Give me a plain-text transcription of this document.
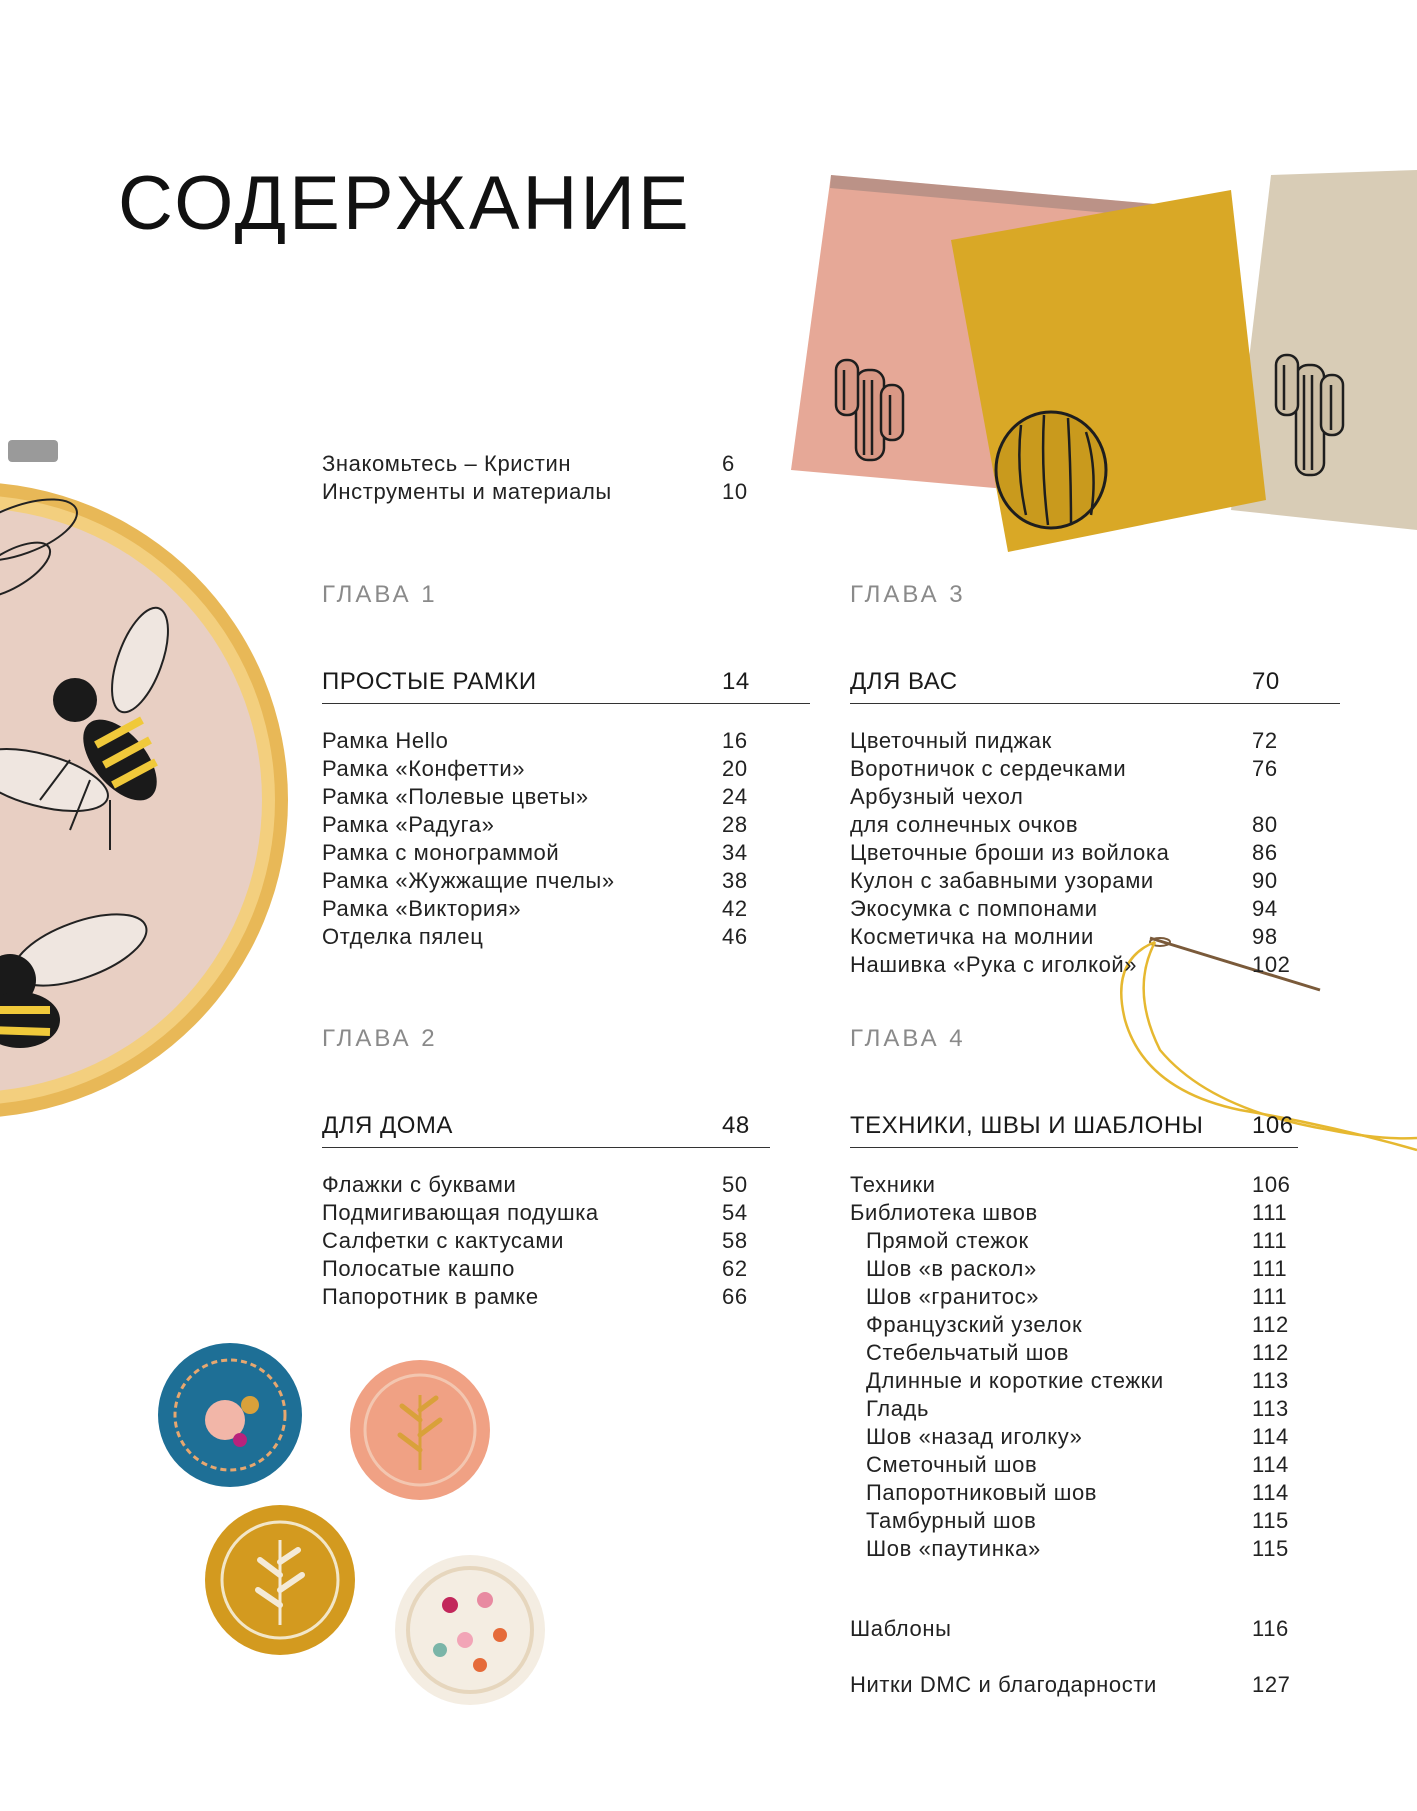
СОДЕРЖАНИЕ
Знакомьтесь – Кристин	6
Инструменты и материалы	10
ГЛАВА 1
ПРОСТЫЕ РАМКИ	14
Рамка Hello	16
Рамка «Конфетти»	20
Рамка «Полевые цветы»	24
Рамка «Радуга»	28
Рамка с монограммой	34
Рамка «Жужжащие пчелы»	38
Рамка «Виктория»	42
Отделка пялец	46
ГЛАВА 2
ДЛЯ ДОМА	48
Флажки с буквами	50
Подмигивающая подушка	54
Салфетки с кактусами	58
Полосатые кашпо	62
Папоротник в рамке	66
ГЛАВА 3
ДЛЯ ВАС	70
Цветочный пиджак	72
Воротничок с сердечками	76
Арбузный чехол
для солнечных очков	80
Цветочные броши из войлока	86
Кулон с забавными узорами	90
Экосумка с помпонами	94
Косметичка на молнии	98
Нашивка «Рука с иголкой»	102
ГЛАВА 4
ТЕХНИКИ, ШВЫ И ШАБЛОНЫ 106
Техники	106
Библиотека швов	111
Прямой стежок	111
Шов «в раскол»	111
Шов «гранитос»	111
Французский узелок	112
Стебельчатый шов	112
Длинные и короткие стежки	113
Гладь	113
Шов «назад иголку»	114
Сметочный шов	114
Папоротниковый шов	114
Тамбурный шов	115
Шов «паутинка»	115
Шаблоны	116
Нитки DMC и благодарности	127
